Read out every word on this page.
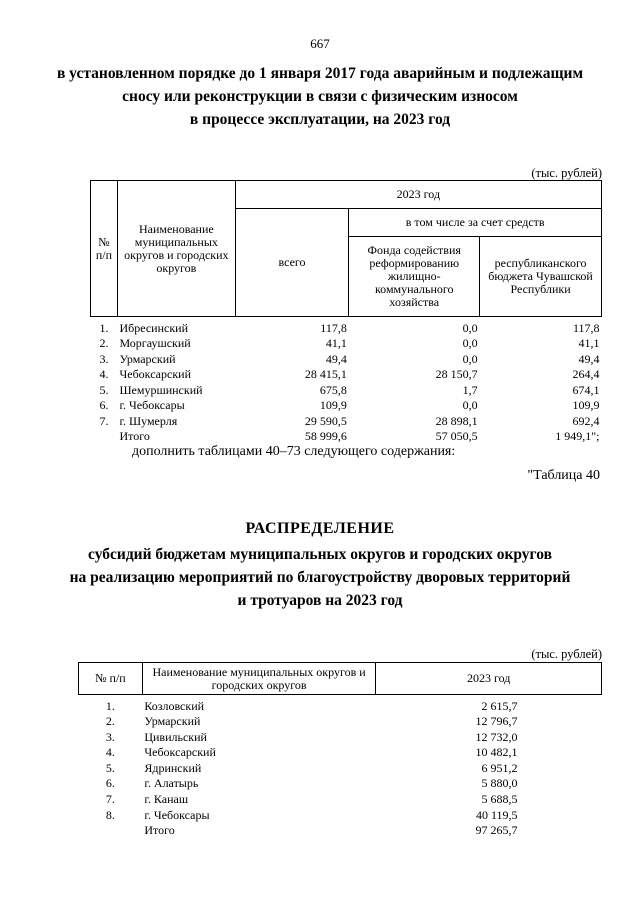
667
в установленном порядке до 1 января 2017 года аварийным и подлежащим
сносу или реконструкции в связи с физическим износом
в процессе эксплуатации, на 2023 год
(тыс. рублей)
№ п/п	Наименование муниципальных округов и городских округов	2023 год		
		всего	в том числе за счет средств	
			Фонда содействия реформированию жилищно-коммунального хозяйства	республиканского бюджета Чувашской Республики

1.	Ибресинский	117,8	0,0	117,8
2.	Моргаушский	41,1	0,0	41,1
3.	Урмарский	49,4	0,0	49,4
4.	Чебоксарский	28 415,1	28 150,7	264,4
5.	Шемуршинский	675,8	1,7	674,1
6.	г. Чебоксары	109,9	0,0	109,9
7.	г. Шумерля	29 590,5	28 898,1	692,4
	Итого	58 999,6	57 050,5	1 949,1";
дополнить таблицами 40–73 следующего содержания:
"Таблица 40
РАСПРЕДЕЛЕНИЕ
субсидий бюджетам муниципальных округов и городских округов
на реализацию мероприятий по благоустройству дворовых территорий
и тротуаров на 2023 год
(тыс. рублей)
№ п/п	Наименование муниципальных округов и городских округов	2023 год

1.	Козловский	2 615,7
2.	Урмарский	12 796,7
3.	Цивильский	12 732,0
4.	Чебоксарский	10 482,1
5.	Ядринский	6 951,2
6.	г. Алатырь	5 880,0
7.	г. Канаш	5 688,5
8.	г. Чебоксары	40 119,5
	Итого	97 265,7
